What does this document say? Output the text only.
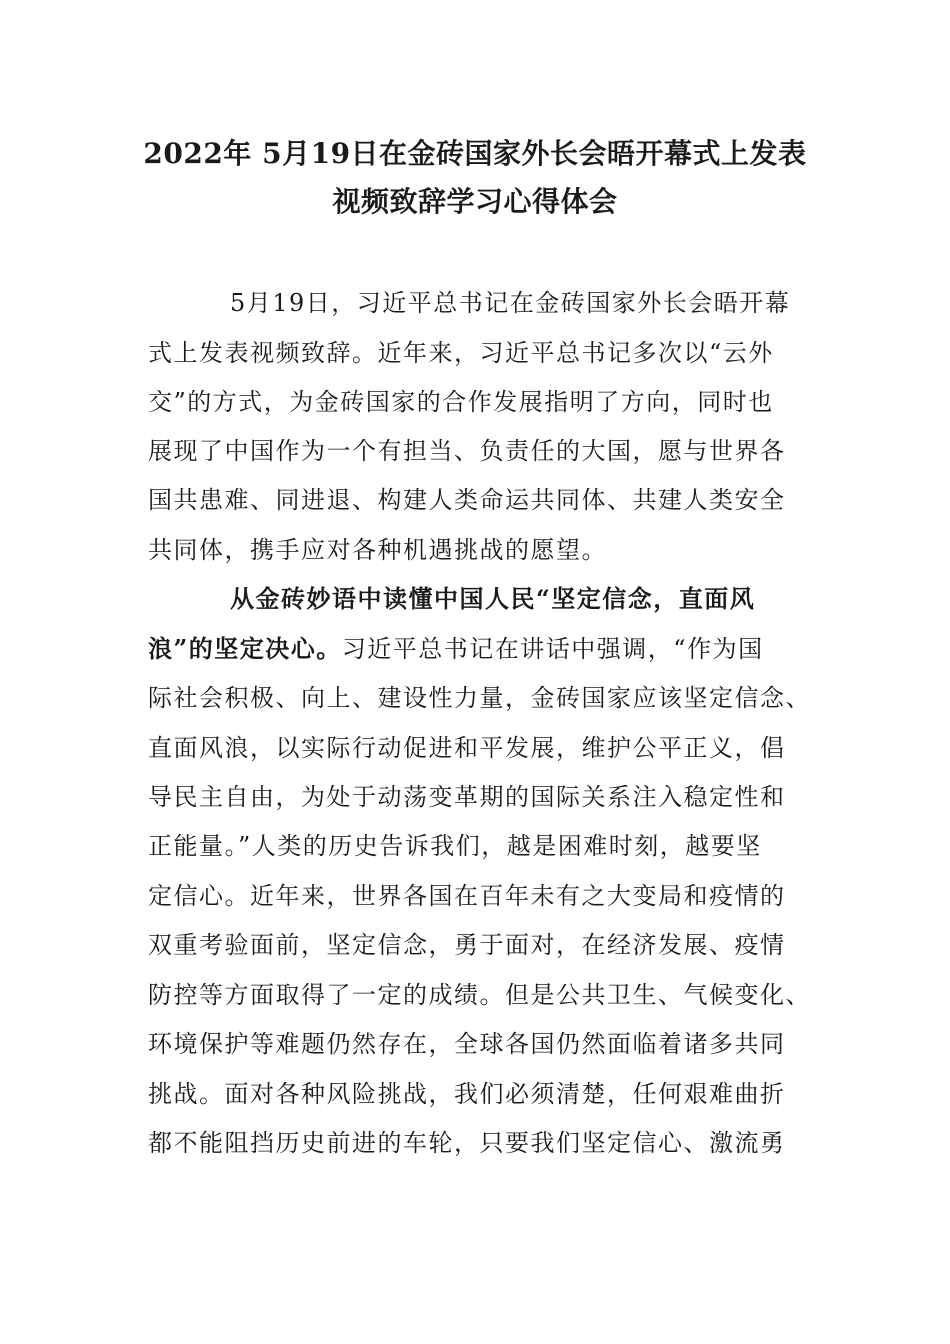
2022年 5月19日在金砖国家外长会晤开幕式上发表
视频致辞学习心得体会
5月19日，习近平总书记在金砖国家外长会晤开幕
式上发表视频致辞。近年来，习近平总书记多次以“云外
交”的方式，为金砖国家的合作发展指明了方向，同时也
展现了中国作为一个有担当、负责任的大国，愿与世界各
国共患难、同进退、构建人类命运共同体、共建人类安全
共同体，携手应对各种机遇挑战的愿望。
从金砖妙语中读懂中国人民“坚定信念，直面风
浪”的坚定决心。习近平总书记在讲话中强调，“作为国
际社会积极、向上、建设性力量，金砖国家应该坚定信念、
直面风浪，以实际行动促进和平发展，维护公平正义，倡
导民主自由，为处于动荡变革期的国际关系注入稳定性和
正能量。”人类的历史告诉我们，越是困难时刻，越要坚
定信心。近年来，世界各国在百年未有之大变局和疫情的
双重考验面前，坚定信念，勇于面对，在经济发展、疫情
防控等方面取得了一定的成绩。但是公共卫生、气候变化、
环境保护等难题仍然存在，全球各国仍然面临着诸多共同
挑战。面对各种风险挑战，我们必须清楚，任何艰难曲折
都不能阻挡历史前进的车轮，只要我们坚定信心、激流勇
